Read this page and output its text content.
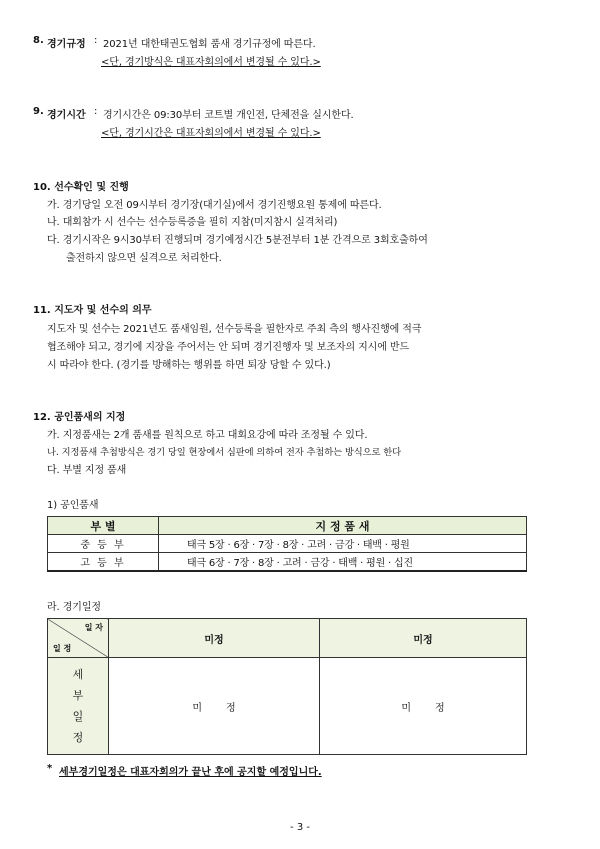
8. 경기규정 : 2021년 대한태권도협회 품새 경기규정에 따른다.
<단, 경기방식은 대표자회의에서 변경될 수 있다.>
9. 경기시간 : 경기시간은 09:30부터 코트별 개인전, 단체전을 실시한다.
<단, 경기시간은 대표자회의에서 변경될 수 있다.>
10. 선수확인 및 진행
가. 경기당일 오전 09시부터 경기장(대기실)에서 경기진행요원 통제에 따른다.
나. 대회참가 시 선수는 선수등록증을 필히 지참(미지참시 실격처리)
다. 경기시작은 9시30부터 진행되며 경기예정시간 5분전부터 1분 간격으로 3회호출하여
출전하지 않으면 실격으로 처리한다.
11. 지도자 및 선수의 의무
지도자 및 선수는 2021년도 품새임원, 선수등록을 필한자로 주최 측의 행사진행에 적극
협조해야 되고, 경기에 지장을 주어서는 안 되며 경기진행자 및 보조자의 지시에 반드
시 따라야 한다. (경기를 방해하는 행위를 하면 퇴장 당할 수 있다.)
12. 공인품새의 지정
가. 지정품새는 2개 품새를 원칙으로 하고 대회요강에 따라 조정될 수 있다.
나. 지정품새 추첨방식은 경기 당일 현장에서 심판에 의하여 전자 추첨하는 방식으로 한다
다. 부별 지정 품새
1) 공인품새
부 별	지 정 품 새
중 등 부	태극 5장 · 6장 · 7장 · 8장 · 고려 · 금강 · 태백 · 평원
고 등 부	태극 6장 · 7장 · 8장 · 고려 · 금강 · 태백 · 평원 · 십진
라. 경기일정
일 자
일 정	미정	미정

세
부
일
정	미정	미정
* 세부경기일정은 대표자회의가 끝난 후에 공지할 예정입니다.
- 3 -
